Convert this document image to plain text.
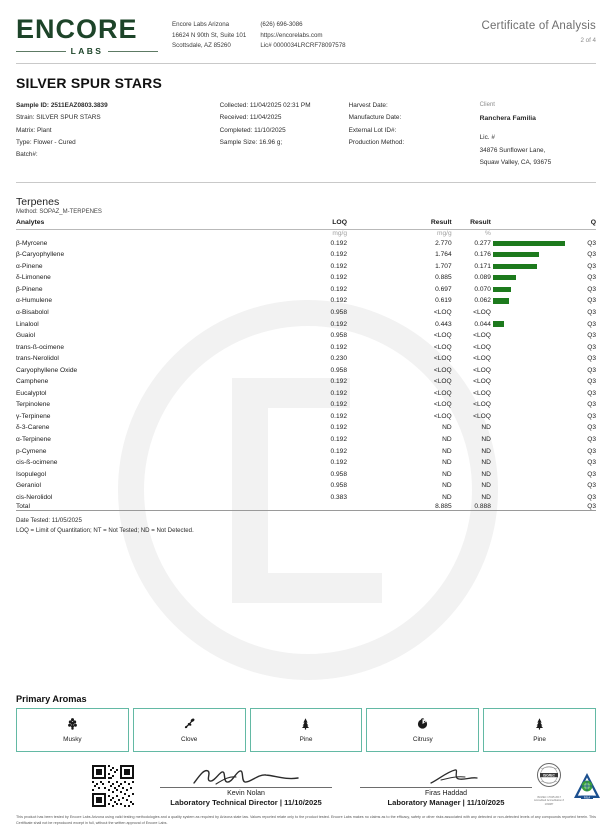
ENCORE
LABS
Encore Labs Arizona
16624 N 90th St, Suite 101
Scottsdale, AZ 85260
(626) 696-3086
https://encorelabs.com
Lic# 0000034LRCRF78097578
Certificate of Analysis
2 of 4
SILVER SPUR STARS
Sample ID: 2511EAZ0803.3839
Strain: SILVER SPUR STARS
Matrix: Plant
Type: Flower - Cured
Batch#:
Collected: 11/04/2025 02:31 PM
Received: 11/04/2025
Completed: 11/10/2025
Sample Size: 16.96 g;
Harvest Date:
Manufacture Date:
External Lot ID#:
Production Method:
Client
Ranchera Familia
Lic. #
34876 Sunflower Lane,
Squaw Valley, CA, 93675
Terpenes
Method: SOPAZ_M-TERPENES
Analytes	LOQ	Result	Result		Q
	mg/g	mg/g	%		
β-Myrcene	0.192	2.770	0.277		Q3
β-Caryophyllene	0.192	1.764	0.176		Q3
α-Pinene	0.192	1.707	0.171		Q3
δ-Limonene	0.192	0.885	0.089		Q3
β-Pinene	0.192	0.697	0.070		Q3
α-Humulene	0.192	0.619	0.062		Q3
α-Bisabolol	0.958	<LOQ	<LOQ		Q3
Linalool	0.192	0.443	0.044		Q3
Guaiol	0.958	<LOQ	<LOQ		Q3
trans-ß-ocimene	0.192	<LOQ	<LOQ		Q3
trans-Nerolidol	0.230	<LOQ	<LOQ		Q3
Caryophyllene Oxide	0.958	<LOQ	<LOQ		Q3
Camphene	0.192	<LOQ	<LOQ		Q3
Eucalyptol	0.192	<LOQ	<LOQ		Q3
Terpinolene	0.192	<LOQ	<LOQ		Q3
γ-Terpinene	0.192	<LOQ	<LOQ		Q3
δ-3-Carene	0.192	ND	ND		Q3
α-Terpinene	0.192	ND	ND		Q3
p-Cymene	0.192	ND	ND		Q3
cis-ß-ocimene	0.192	ND	ND		Q3
Isopulegol	0.958	ND	ND		Q3
Geraniol	0.958	ND	ND		Q3
cis-Nerolidol	0.383	ND	ND		Q3
Total		8.885	0.888		Q3
Date Tested: 11/05/2025
LOQ = Limit of Quantitation; NT = Not Tested; ND = Not Detected.
Primary Aromas
Musky	Clove	Pine	Citrusy	Pine
Kevin Nolan
Laboratory Technical Director | 11/10/2025
Firas Haddad
Laboratory Manager | 11/10/2025
ISO/IEC
ISO/IEC 17025:2017 Accredited Accreditation # 103987
PJLA
This product has been tested by Encore Labs Arizona using valid testing methodologies and a quality system as required by Arizona state law. Values reported relate only to the product tested. Encore Labs makes no claims as to the efficacy, safety or other risks associated with any detected or non-detected levels of any compounds reported herein. This Certificate shall not be reproduced except in full, without the written approval of Encore Labs.
